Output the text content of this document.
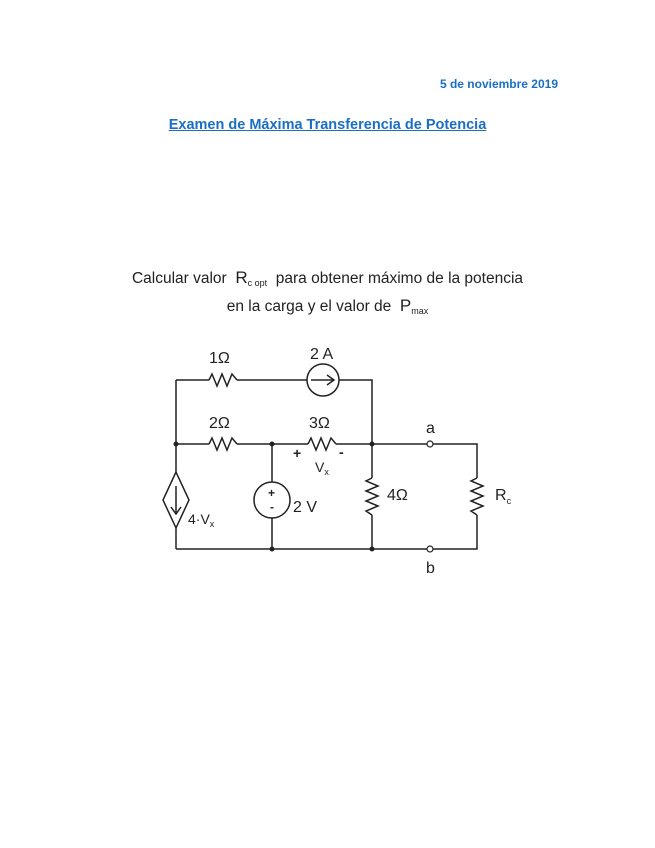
5 de noviembre 2019
Examen de Máxima Transferencia de Potencia
Calcular valor $R_{c opt}$ para obtener máximo de la potencia
en la carga y el valor de $P_{max}$
1Ω	2 A
2Ω	3Ω
+	-
$V_x$
$4\cdot V_x$
+
- 2 V
4Ω	$R_c$
a
b
